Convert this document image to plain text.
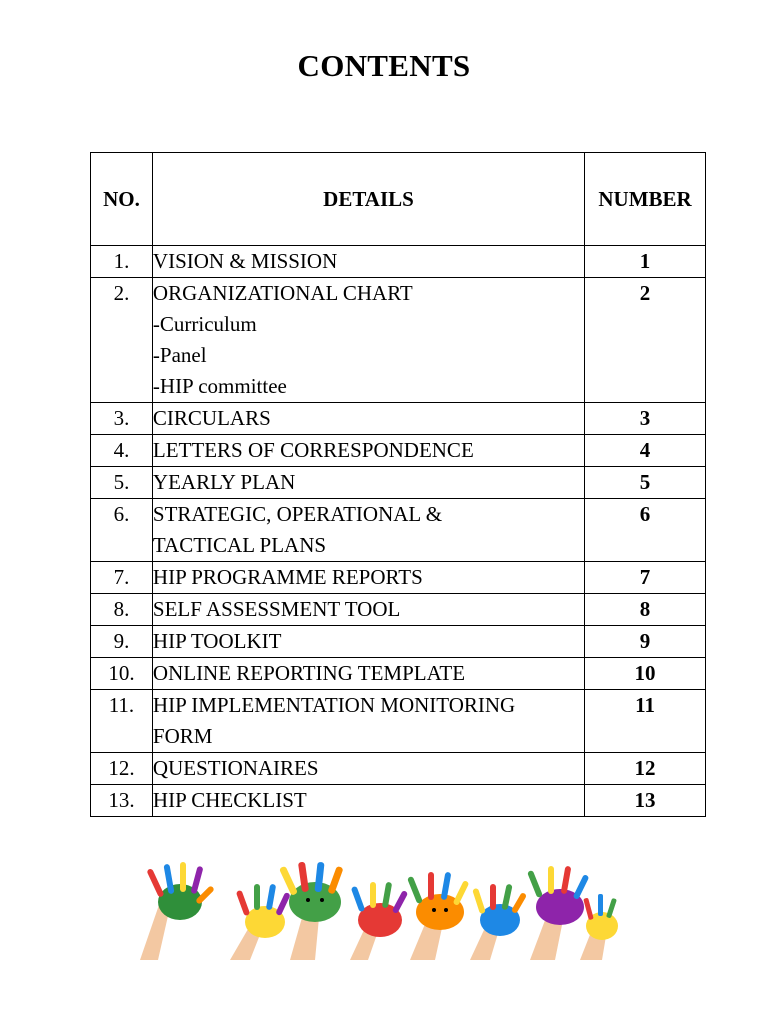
CONTENTS
NO.	DETAILS	NUMBER
1.	VISION & MISSION	1
2.	ORGANIZATIONAL CHART
-Curriculum
-Panel
-HIP committee	2
3.	CIRCULARS	3
4.	LETTERS OF CORRESPONDENCE	4
5.	YEARLY PLAN	5
6.	STRATEGIC, OPERATIONAL &
TACTICAL PLANS	6
7.	HIP PROGRAMME REPORTS	7
8.	SELF ASSESSMENT TOOL	8
9.	HIP TOOLKIT	9
10.	ONLINE REPORTING TEMPLATE	10
11.	HIP IMPLEMENTATION MONITORING
FORM	11
12.	QUESTIONAIRES	12
13.	HIP CHECKLIST	13
